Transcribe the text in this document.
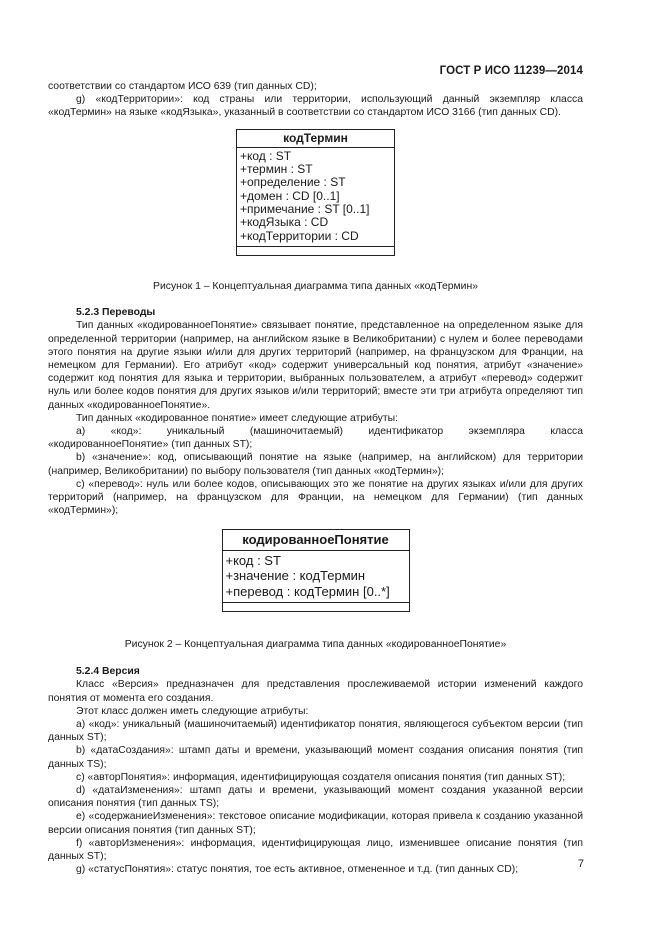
ГОСТ Р ИСО 11239—2014

соответствии со стандартом ИСО 639 (тип данных CD);

g) «кодТерритории»: код страны или территории, использующий данный экземпляр класса «кодТермин» на языке «кодЯзыка», указанный в соответствии со стандартом ИСО 3166 (тип данных CD).

кодТермин
+код : ST
+термин : ST
+определение : ST
+домен : CD [0..1]
+примечание : ST [0..1]
+кодЯзыка : CD
+кодТерритории : CD

Рисунок 1 – Концептуальная диаграмма типа данных «кодТермин»

5.2.3 Переводы

Тип данных «кодированноеПонятие» связывает понятие, представленное на определенном языке для определенной территории (например, на английском языке в Великобритании) с нулем и более переводами этого понятия на другие языки и/или для других территорий (например, на французском для Франции, на немецком для Германии). Его атрибут «код» содержит универсальный код понятия, атрибут «значение» содержит код понятия для языка и территории, выбранных пользователем, а атрибут «перевод» содержит нуль или более кодов понятия для других языков и/или территорий; вместе эти три атрибута определяют тип данных «кодированноеПонятие».

Тип данных «кодированное понятие» имеет следующие атрибуты:

a) «код»: уникальный (машиночитаемый) идентификатор экземпляра класса

«кодированноеПонятие» (тип данных ST);

b) «значение»: код, описывающий понятие на языке (например, на английском) для территории (например, Великобритании) по выбору пользователя (тип данных «кодТермин»);

c) «перевод»: нуль или более кодов, описывающих это же понятие на других языках и/или для других территорий (например, на французском для Франции, на немецком для Германии) (тип данных «кодТермин»);

кодированноеПонятие
+код : ST
+значение : кодТермин
+перевод : кодТермин [0..*]

Рисунок 2 – Концептуальная диаграмма типа данных «кодированноеПонятие»

5.2.4 Версия

Класс «Версия» предназначен для представления прослеживаемой истории изменений каждого понятия от момента его создания.

Этот класс должен иметь следующие атрибуты:

a) «код»: уникальный (машиночитаемый) идентификатор понятия, являющегося субъектом версии (тип данных ST);

b) «датаСоздания»: штамп даты и времени, указывающий момент создания описания понятия (тип данных TS);

c) «авторПонятия»: информация, идентифицирующая создателя описания понятия (тип данных ST);

d) «датаИзменения»: штамп даты и времени, указывающий момент создания указанной версии описания понятия (тип данных TS);

e) «содержаниеИзменения»: текстовое описание модификации, которая привела к созданию указанной версии описания понятия (тип данных ST);

f) «авторИзменения»: информация, идентифицирующая лицо, изменившее описание понятия (тип данных ST);

g) «статусПонятия»: статус понятия, тое есть активное, отмененное и т.д. (тип данных CD);	7
